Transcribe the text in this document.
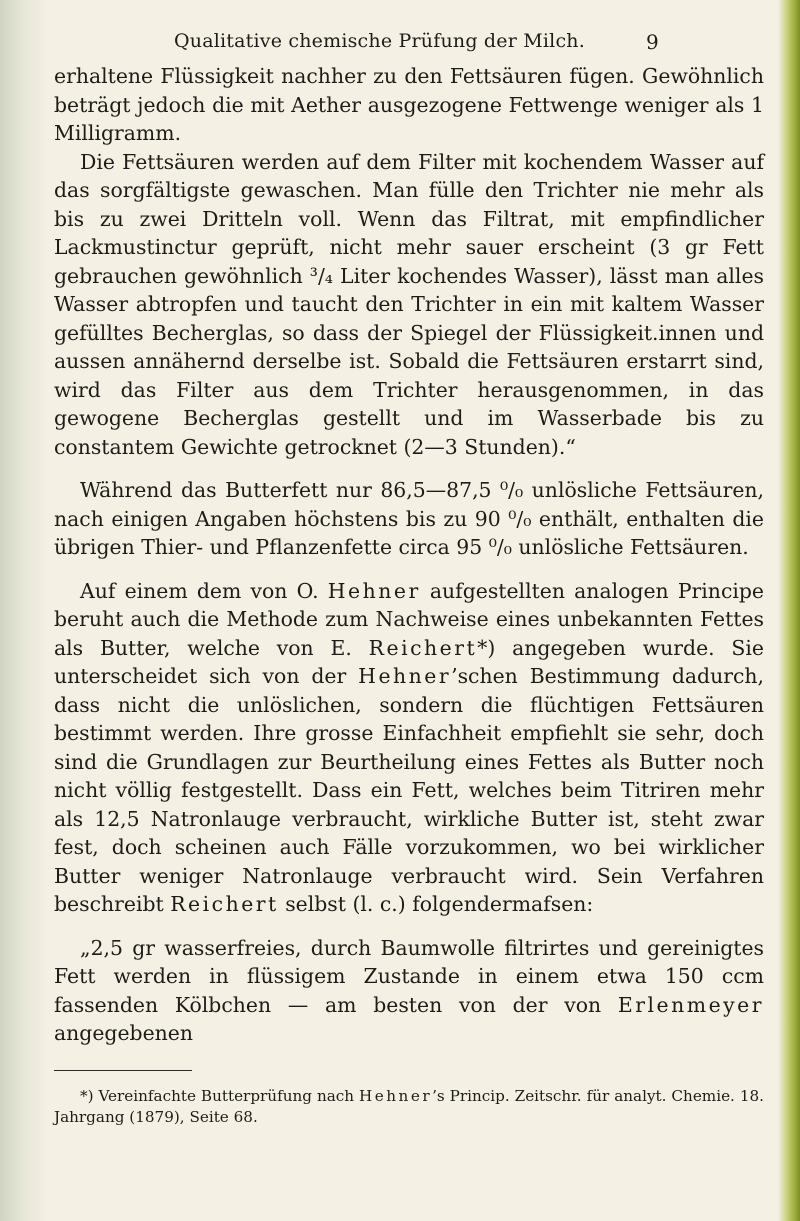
Qualitative chemische Prüfung der Milch.	9

erhaltene Flüssigkeit nachher zu den Fettsäuren fügen. Gewöhnlich beträgt jedoch die mit Aether ausgezogene Fettwenge weniger als 1 Milligramm.

Die Fettsäuren werden auf dem Filter mit kochendem Wasser auf das sorgfältigste gewaschen. Man fülle den Trichter nie mehr als bis zu zwei Dritteln voll. Wenn das Filtrat, mit empfindlicher Lackmustinctur geprüft, nicht mehr sauer erscheint (3 gr Fett gebrauchen gewöhnlich ³/₄ Liter kochendes Wasser), lässt man alles Wasser abtropfen und taucht den Trichter in ein mit kaltem Wasser gefülltes Becherglas, so dass der Spiegel der Flüssigkeit.innen und aussen annähernd derselbe ist. Sobald die Fettsäuren erstarrt sind, wird das Filter aus dem Trichter herausgenommen, in das gewogene Becherglas gestellt und im Wasserbade bis zu constantem Gewichte getrocknet (2—3 Stunden).“

Während das Butterfett nur 86,5—87,5 ⁰/₀ unlösliche Fettsäuren, nach einigen Angaben höchstens bis zu 90 ⁰/₀ enthält, enthalten die übrigen Thier- und Pflanzenfette circa 95 ⁰/₀ unlösliche Fettsäuren.

Auf einem dem von O. Hehner aufgestellten analogen Principe beruht auch die Methode zum Nachweise eines unbekannten Fettes als Butter, welche von E. Reichert*) angegeben wurde. Sie unterscheidet sich von der Hehner’schen Bestimmung dadurch, dass nicht die unlöslichen, sondern die flüchtigen Fettsäuren bestimmt werden. Ihre grosse Einfachheit empfiehlt sie sehr, doch sind die Grundlagen zur Beurtheilung eines Fettes als Butter noch nicht völlig festgestellt. Dass ein Fett, welches beim Titriren mehr als 12,5 Natronlauge verbraucht, wirkliche Butter ist, steht zwar fest, doch scheinen auch Fälle vorzukommen, wo bei wirklicher Butter weniger Natronlauge verbraucht wird. Sein Verfahren beschreibt Reichert selbst (l. c.) folgendermafsen:

„2,5 gr wasserfreies, durch Baumwolle filtrirtes und gereinigtes Fett werden in flüssigem Zustande in einem etwa 150 ccm fassenden Kölbchen — am besten von der von Erlenmeyer angegebenen

*) Vereinfachte Butterprüfung nach Hehner’s Princip. Zeitschr. für analyt. Chemie. 18. Jahrgang (1879), Seite 68.
